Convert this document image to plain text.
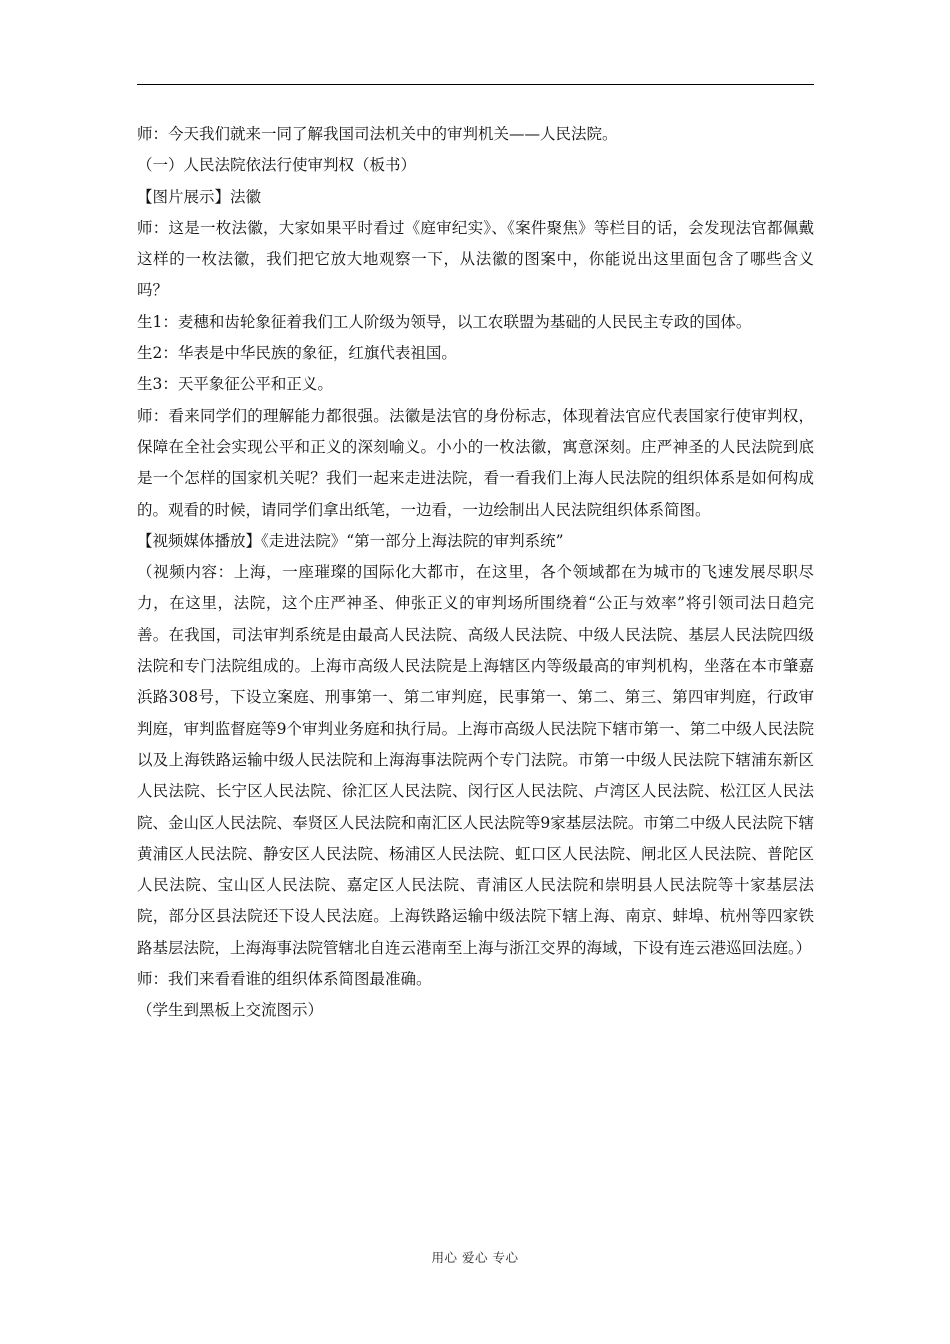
师：今天我们就来一同了解我国司法机关中的审判机关——人民法院。

（一）人民法院依法行使审判权（板书）

【图片展示】法徽

师：这是一枚法徽，大家如果平时看过《庭审纪实》、《案件聚焦》等栏目的话，会发现法官都佩戴这样的一枚法徽，我们把它放大地观察一下，从法徽的图案中，你能说出这里面包含了哪些含义吗？

生1：麦穗和齿轮象征着我们工人阶级为领导，以工农联盟为基础的人民民主专政的国体。

生2：华表是中华民族的象征，红旗代表祖国。

生3：天平象征公平和正义。

师：看来同学们的理解能力都很强。法徽是法官的身份标志，体现着法官应代表国家行使审判权，保障在全社会实现公平和正义的深刻喻义。小小的一枚法徽，寓意深刻。庄严神圣的人民法院到底是一个怎样的国家机关呢？我们一起来走进法院，看一看我们上海人民法院的组织体系是如何构成的。观看的时候，请同学们拿出纸笔，一边看，一边绘制出人民法院组织体系简图。

【视频媒体播放】《走进法院》“第一部分上海法院的审判系统”

（视频内容：上海，一座璀璨的国际化大都市，在这里，各个领域都在为城市的飞速发展尽职尽力，在这里，法院，这个庄严神圣、伸张正义的审判场所围绕着“公正与效率”将引领司法日趋完善。在我国，司法审判系统是由最高人民法院、高级人民法院、中级人民法院、基层人民法院四级法院和专门法院组成的。上海市高级人民法院是上海辖区内等级最高的审判机构，坐落在本市肇嘉浜路308号，下设立案庭、刑事第一、第二审判庭，民事第一、第二、第三、第四审判庭，行政审判庭，审判监督庭等9个审判业务庭和执行局。上海市高级人民法院下辖市第一、第二中级人民法院以及上海铁路运输中级人民法院和上海海事法院两个专门法院。市第一中级人民法院下辖浦东新区人民法院、长宁区人民法院、徐汇区人民法院、闵行区人民法院、卢湾区人民法院、松江区人民法院、金山区人民法院、奉贤区人民法院和南汇区人民法院等9家基层法院。市第二中级人民法院下辖黄浦区人民法院、静安区人民法院、杨浦区人民法院、虹口区人民法院、闸北区人民法院、普陀区人民法院、宝山区人民法院、嘉定区人民法院、青浦区人民法院和崇明县人民法院等十家基层法院，部分区县法院还下设人民法庭。上海铁路运输中级法院下辖上海、南京、蚌埠、杭州等四家铁路基层法院，上海海事法院管辖北自连云港南至上海与浙江交界的海域，下设有连云港巡回法庭。）

师：我们来看看谁的组织体系简图最准确。

（学生到黑板上交流图示）

用心 爱心 专心
